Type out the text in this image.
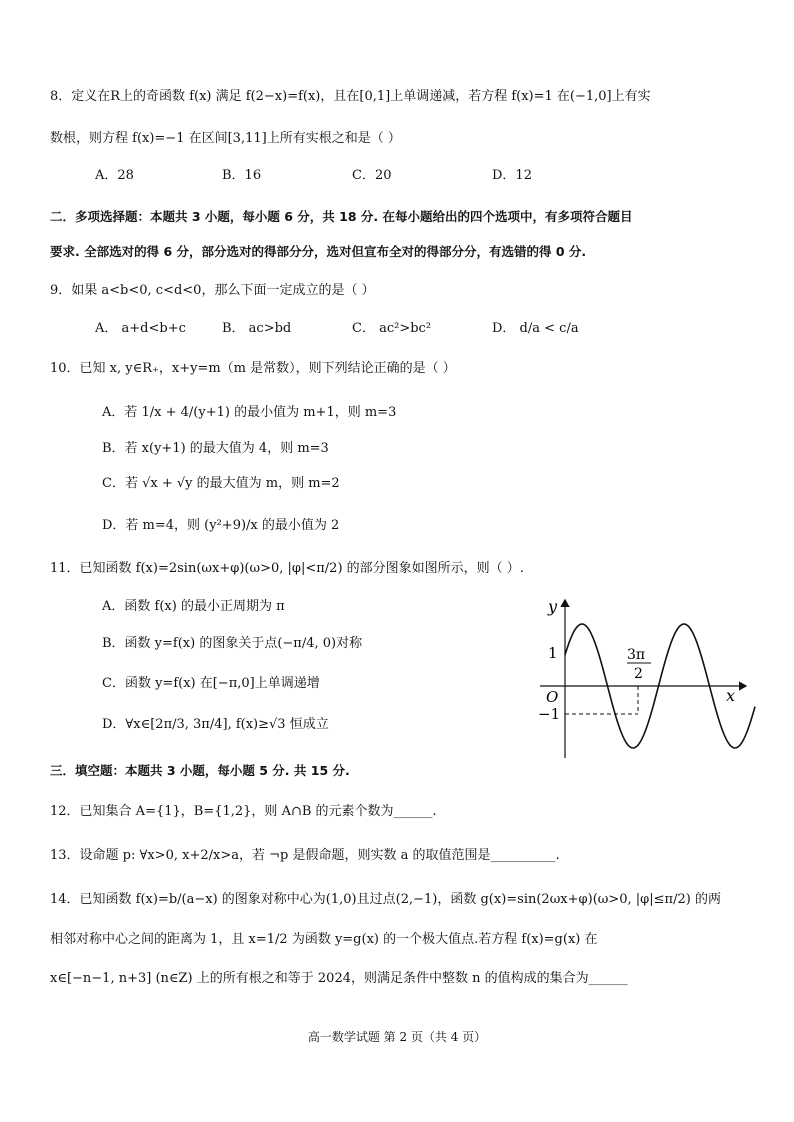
8．定义在R上的奇函数 f(x) 满足 f(2−x)=f(x)，且在[0,1]上单调递减，若方程 f(x)=1 在(−1,0]上有实
数根，则方程 f(x)=−1 在区间[3,11]上所有实根之和是（ ）
A．28	B．16	C．20	D．12
二．多项选择题：本题共 3 小题，每小题 6 分，共 18 分. 在每小题给出的四个选项中，有多项符合题目
要求. 全部选对的得 6 分，部分选对的得部分分，选对但宣布全对的得部分分，有选错的得 0 分.
9．如果 a<b<0, c<d<0，那么下面一定成立的是（ ）
A． a+d<b+c	B． ac>bd	C． ac²>bc²	D． d/a < c/a
10．已知 x, y∈R₊，x+y=m（m 是常数），则下列结论正确的是（ ）
A．若 1/x + 4/(y+1) 的最小值为 m+1，则 m=3
B．若 x(y+1) 的最大值为 4，则 m=3
C．若 √x + √y 的最大值为 m，则 m=2
D．若 m=4，则 (y²+9)/x 的最小值为 2
11．已知函数 f(x)=2sin(ωx+φ)(ω>0, |φ|<π/2) 的部分图象如图所示，则（ ）.
A．函数 f(x) 的最小正周期为 π
B．函数 y=f(x) 的图象关于点(−π/4, 0)对称
C．函数 y=f(x) 在[−π,0]上单调递增
D．∀x∈[2π/3, 3π/4], f(x)≥√3 恒成立
y
x
O
1
−1
3π
2
三．填空题：本题共 3 小题，每小题 5 分. 共 15 分.
12．已知集合 A={1}，B={1,2}，则 A∩B 的元素个数为______.
13．设命题 p: ∀x>0, x+2/x>a，若 ¬p 是假命题，则实数 a 的取值范围是__________.
14．已知函数 f(x)=b/(a−x) 的图象对称中心为(1,0)且过点(2,−1)，函数 g(x)=sin(2ωx+φ)(ω>0, |φ|≤π/2) 的两
相邻对称中心之间的距离为 1，且 x=1/2 为函数 y=g(x) 的一个极大值点.若方程 f(x)=g(x) 在
x∈[−n−1, n+3] (n∈Z) 上的所有根之和等于 2024，则满足条件中整数 n 的值构成的集合为______
高一数学试题 第 2 页（共 4 页）
